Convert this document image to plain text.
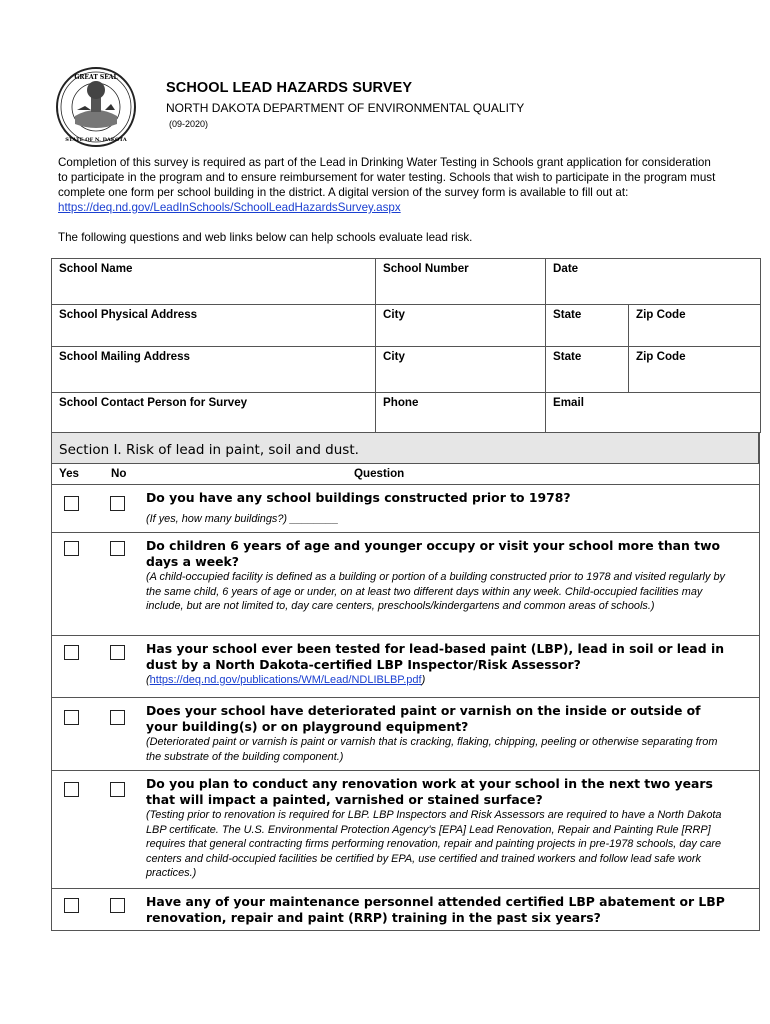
GREAT SEAL
STATE OF N. DAKOTA
SCHOOL LEAD HAZARDS SURVEY
NORTH DAKOTA DEPARTMENT OF ENVIRONMENTAL QUALITY
(09-2020)
Completion of this survey is required as part of the Lead in Drinking Water Testing in Schools grant application for consideration to participate in the program and to ensure reimbursement for water testing. Schools that wish to participate in the program must complete one form per school building in the district. A digital version of the survey form is available to fill out at: https://deq.nd.gov/LeadInSchools/SchoolLeadHazardsSurvey.aspx
The following questions and web links below can help schools evaluate lead risk.
School Name	School Number	Date	
School Physical Address	City	State	Zip Code
School Mailing Address	City	State	Zip Code
School Contact Person for Survey	Phone	Email	
Section I. Risk of lead in paint, soil and dust.
Yes	No	Question
Do you have any school buildings constructed prior to 1978?
(If yes, how many buildings?) ________
Do children 6 years of age and younger occupy or visit your school more than two days a week?
(A child-occupied facility is defined as a building or portion of a building constructed prior to 1978 and visited regularly by the same child, 6 years of age or under, on at least two different days within any week. Child-occupied facilities may include, but are not limited to, day care centers, preschools/kindergartens and common areas of schools.)
Has your school ever been tested for lead-based paint (LBP), lead in soil or lead in dust by a North Dakota-certified LBP Inspector/Risk Assessor?
(https://deq.nd.gov/publications/WM/Lead/NDLIBLBP.pdf)
Does your school have deteriorated paint or varnish on the inside or outside of your building(s) or on playground equipment?
(Deteriorated paint or varnish is paint or varnish that is cracking, flaking, chipping, peeling or otherwise separating from the substrate of the building component.)
Do you plan to conduct any renovation work at your school in the next two years that will impact a painted, varnished or stained surface?
(Testing prior to renovation is required for LBP. LBP Inspectors and Risk Assessors are required to have a North Dakota LBP certificate. The U.S. Environmental Protection Agency's [EPA] Lead Renovation, Repair and Painting Rule [RRP] requires that general contracting firms performing renovation, repair and painting projects in pre-1978 schools, day care centers and child-occupied facilities be certified by EPA, use certified and trained workers and follow lead safe work practices.)
Have any of your maintenance personnel attended certified LBP abatement or LBP renovation, repair and paint (RRP) training in the past six years?
